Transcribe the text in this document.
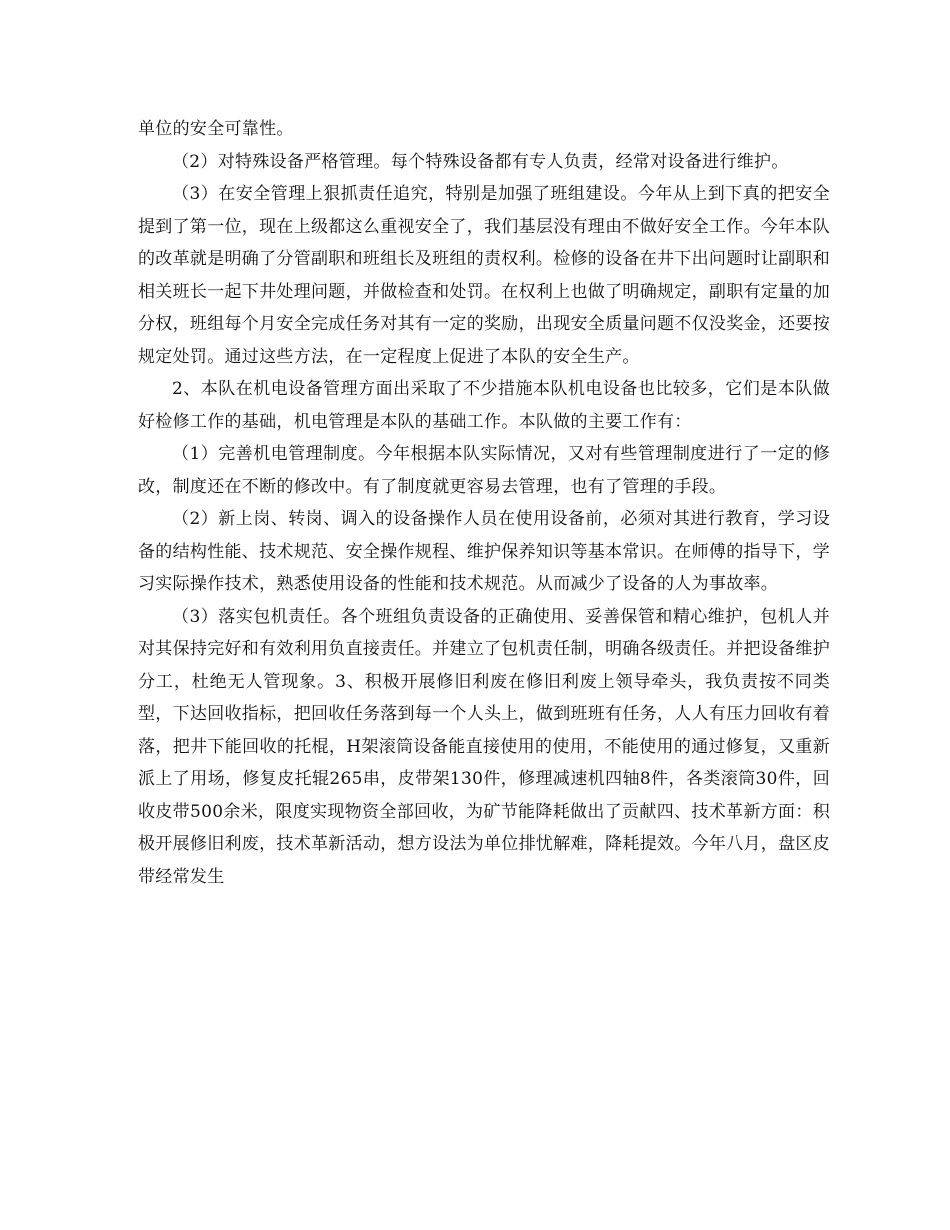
单位的安全可靠性。

（2）对特殊设备严格管理。每个特殊设备都有专人负责，经常对设备进行维护。

（3）在安全管理上狠抓责任追究，特别是加强了班组建设。今年从上到下真的把安全提到了第一位，现在上级都这么重视安全了，我们基层没有理由不做好安全工作。今年本队的改革就是明确了分管副职和班组长及班组的责权利。检修的设备在井下出问题时让副职和相关班长一起下井处理问题，并做检查和处罚。在权利上也做了明确规定，副职有定量的加分权，班组每个月安全完成任务对其有一定的奖励，出现安全质量问题不仅没奖金，还要按规定处罚。通过这些方法，在一定程度上促进了本队的安全生产。

2、本队在机电设备管理方面出采取了不少措施本队机电设备也比较多，它们是本队做好检修工作的基础，机电管理是本队的基础工作。本队做的主要工作有：

（1）完善机电管理制度。今年根据本队实际情况，又对有些管理制度进行了一定的修改，制度还在不断的修改中。有了制度就更容易去管理，也有了管理的手段。

（2）新上岗、转岗、调入的设备操作人员在使用设备前，必须对其进行教育，学习设备的结构性能、技术规范、安全操作规程、维护保养知识等基本常识。在师傅的指导下，学习实际操作技术，熟悉使用设备的性能和技术规范。从而减少了设备的人为事故率。

（3）落实包机责任。各个班组负责设备的正确使用、妥善保管和精心维护，包机人并对其保持完好和有效利用负直接责任。并建立了包机责任制，明确各级责任。并把设备维护分工，杜绝无人管现象。3、积极开展修旧利废在修旧利废上领导牵头，我负责按不同类型，下达回收指标，把回收任务落到每一个人头上，做到班班有任务，人人有压力回收有着落，把井下能回收的托棍，H架滚筒设备能直接使用的使用，不能使用的通过修复，又重新派上了用场，修复皮托辊265串，皮带架130件，修理减速机四轴8件，各类滚筒30件，回收皮带500余米，限度实现物资全部回收，为矿节能降耗做出了贡献四、技术革新方面：积极开展修旧利废，技术革新活动，想方设法为单位排忧解难，降耗提效。今年八月，盘区皮带经常发生
